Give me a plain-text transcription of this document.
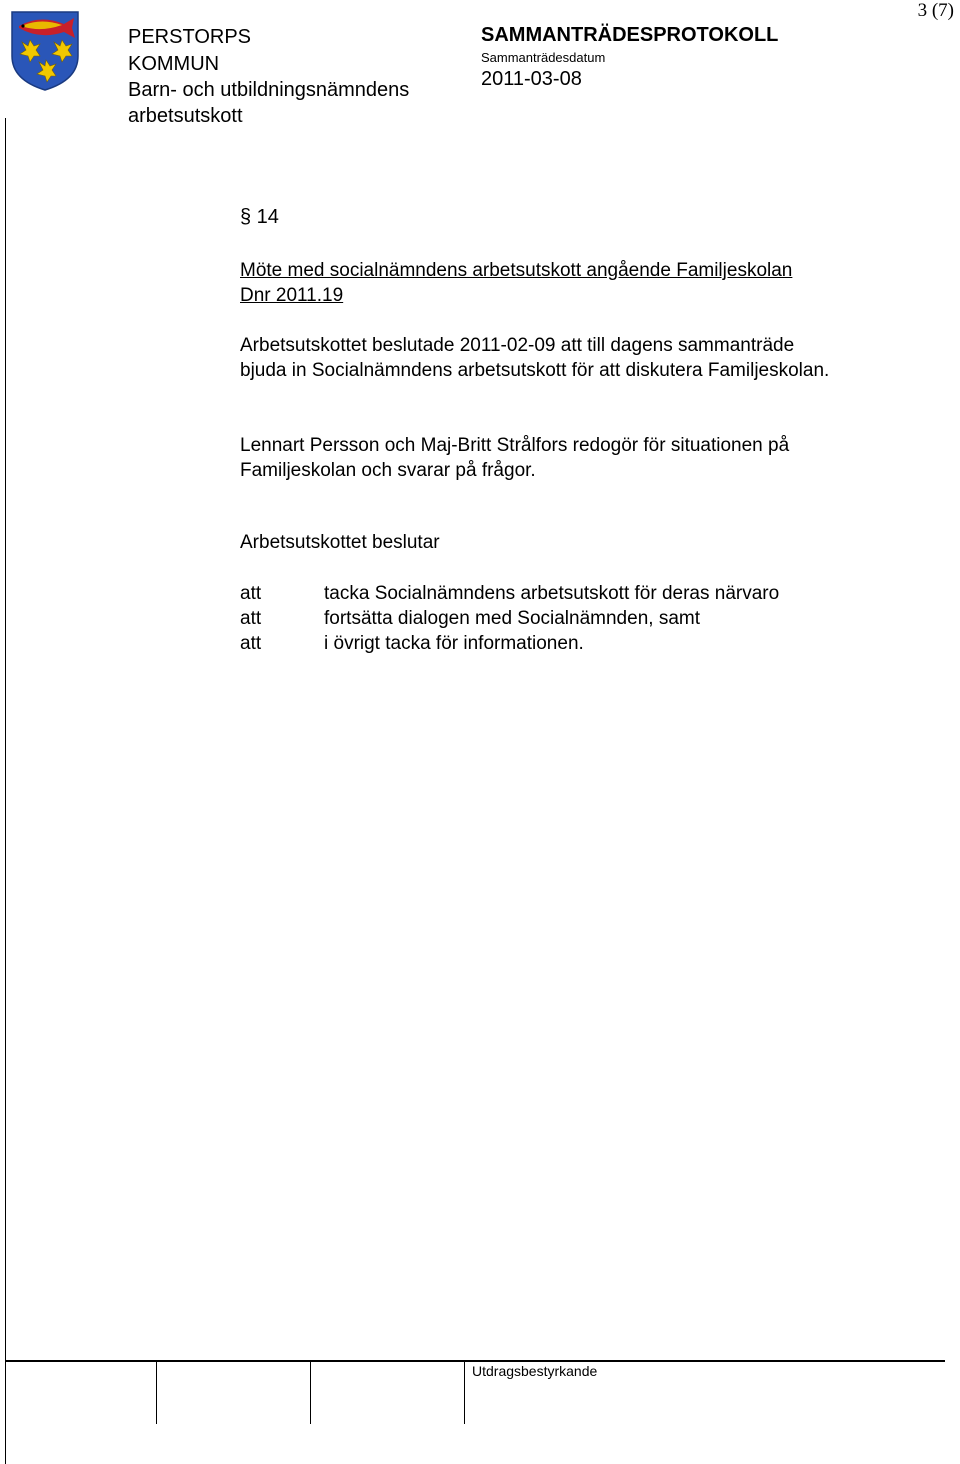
3 (7)
PERSTORPS
KOMMUN
Barn- och utbildningsnämndens
arbetsutskott
SAMMANTRÄDESPROTOKOLL
Sammanträdesdatum
2011-03-08
§ 14
Möte med socialnämndens arbetsutskott angående Familjeskolan
Dnr 2011.19
Arbetsutskottet beslutade 2011-02-09 att till dagens sammanträde bjuda in Socialnämndens arbetsutskott för att diskutera Familjeskolan.
Lennart Persson och Maj-Britt Strålfors redogör för situationen på Familjeskolan och svarar på frågor.
Arbetsutskottet beslutar
att	tacka Socialnämndens arbetsutskott för deras närvaro
att	fortsätta dialogen med Socialnämnden, samt
att	i övrigt tacka för informationen.
Utdragsbestyrkande
